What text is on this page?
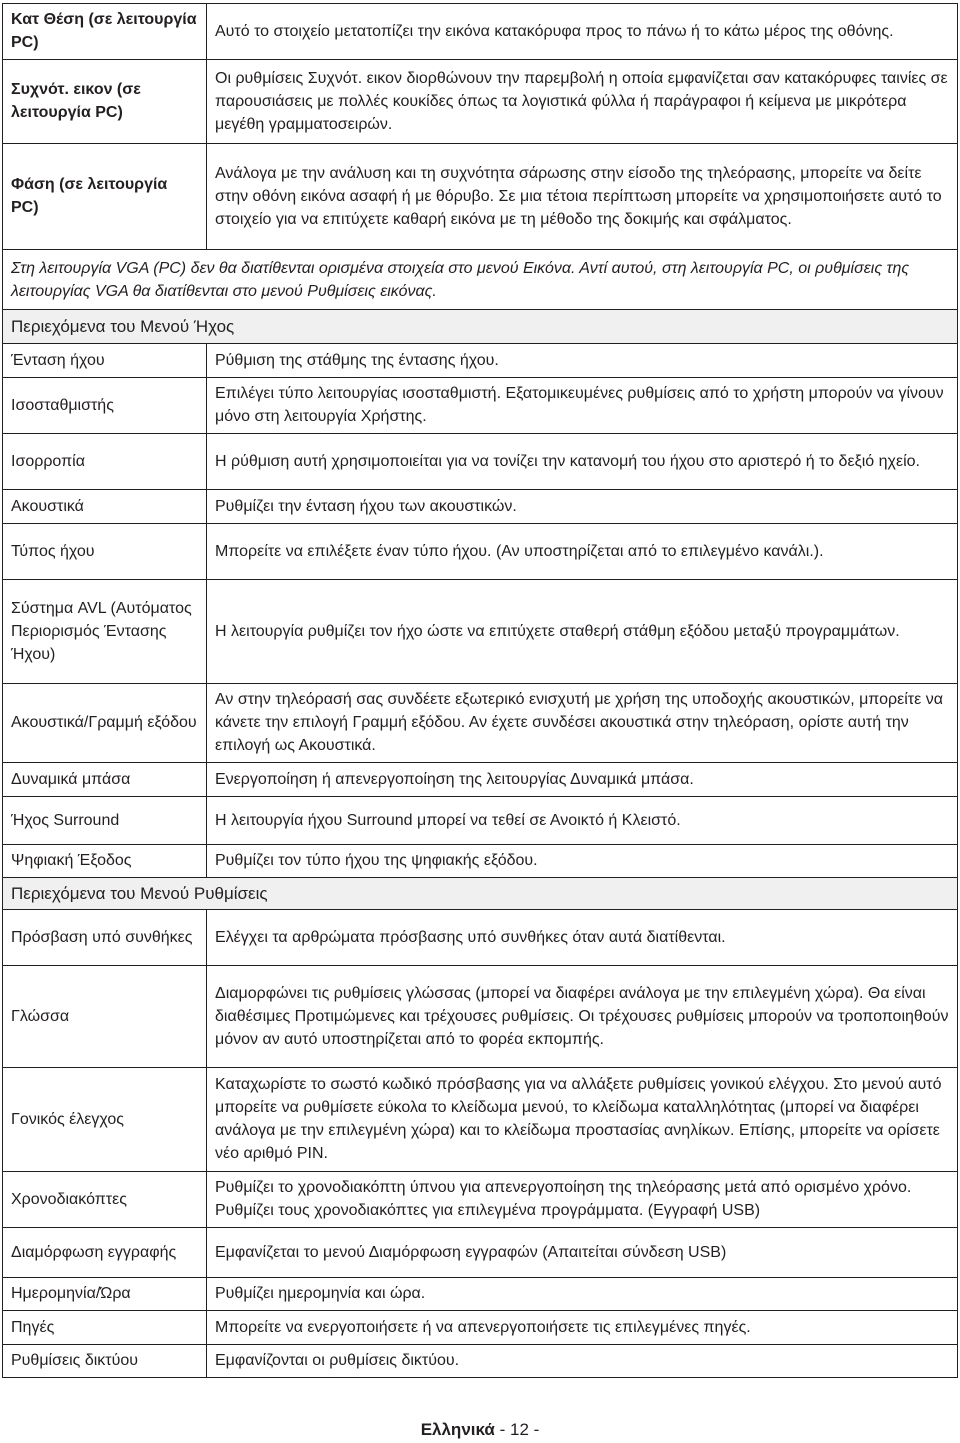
Κατ Θέση (σε λειτουργία PC)	Αυτό το στοιχείο μετατοπίζει την εικόνα κατακόρυφα προς το πάνω ή το κάτω μέρος της οθόνης.
Συχνότ. εικον (σε λειτουργία PC)	Οι ρυθμίσεις Συχνότ. εικον διορθώνουν την παρεμβολή η οποία εμφανίζεται σαν κατακόρυφες ταινίες σε παρουσιάσεις με πολλές κουκίδες όπως τα λογιστικά φύλλα ή παράγραφοι ή κείμενα με μικρότερα μεγέθη γραμματοσειρών.
Φάση (σε λειτουργία PC)	Ανάλογα με την ανάλυση και τη συχνότητα σάρωσης στην είσοδο της τηλεόρασης, μπορείτε να δείτε στην οθόνη εικόνα ασαφή ή με θόρυβο. Σε μια τέτοια περίπτωση μπορείτε να χρησιμοποιήσετε αυτό το στοιχείο για να επιτύχετε καθαρή εικόνα με τη μέθοδο της δοκιμής και σφάλματος.
Στη λειτουργία VGA (PC) δεν θα διατίθενται ορισμένα στοιχεία στο μενού Εικόνα. Αντί αυτού, στη λειτουργία PC, οι ρυθμίσεις της λειτουργίας VGA θα διατίθενται στο μενού Ρυθμίσεις εικόνας.	
Περιεχόμενα του Μενού Ήχος	
Ένταση ήχου	Ρύθμιση της στάθμης της έντασης ήχου.
Ισοσταθμιστής	Επιλέγει τύπο λειτουργίας ισοσταθμιστή. Εξατομικευμένες ρυθμίσεις από το χρήστη μπορούν να γίνουν μόνο στη λειτουργία Χρήστης.
Ισορροπία	Η ρύθμιση αυτή χρησιμοποιείται για να τονίζει την κατανομή του ήχου στο αριστερό ή το δεξιό ηχείο.
Ακουστικά	Ρυθμίζει την ένταση ήχου των ακουστικών.
Τύπος ήχου	Μπορείτε να επιλέξετε έναν τύπο ήχου. (Αν υποστηρίζεται από το επιλεγμένο κανάλι.).
Σύστημα AVL (Αυτόματος Περιορισμός Έντασης Ήχου)	Η λειτουργία ρυθμίζει τον ήχο ώστε να επιτύχετε σταθερή στάθμη εξόδου μεταξύ προγραμμάτων.
Ακουστικά/Γραμμή εξόδου	Αν στην τηλεόρασή σας συνδέετε εξωτερικό ενισχυτή με χρήση της υποδοχής ακουστικών, μπορείτε να κάνετε την επιλογή Γραμμή εξόδου. Αν έχετε συνδέσει ακουστικά στην τηλεόραση, ορίστε αυτή την επιλογή ως Ακουστικά.
Δυναμικά μπάσα	Ενεργοποίηση ή απενεργοποίηση της λειτουργίας Δυναμικά μπάσα.
Ήχος Surround	Η λειτουργία ήχου Surround μπορεί να τεθεί σε Ανοικτό ή Κλειστό.
Ψηφιακή Έξοδος	Ρυθμίζει τον τύπο ήχου της ψηφιακής εξόδου.
Περιεχόμενα του Μενού Ρυθμίσεις	
Πρόσβαση υπό συνθήκες	Ελέγχει τα αρθρώματα πρόσβασης υπό συνθήκες όταν αυτά διατίθενται.
Γλώσσα	Διαμορφώνει τις ρυθμίσεις γλώσσας (μπορεί να διαφέρει ανάλογα με την επιλεγμένη χώρα). Θα είναι διαθέσιμες Προτιμώμενες και τρέχουσες ρυθμίσεις. Οι τρέχουσες ρυθμίσεις μπορούν να τροποποιηθούν μόνον αν αυτό υποστηρίζεται από το φορέα εκπομπής.
Γονικός έλεγχος	Καταχωρίστε το σωστό κωδικό πρόσβασης για να αλλάξετε ρυθμίσεις γονικού ελέγχου. Στο μενού αυτό μπορείτε να ρυθμίσετε εύκολα το κλείδωμα μενού, το κλείδωμα καταλληλότητας (μπορεί να διαφέρει ανάλογα με την επιλεγμένη χώρα) και το κλείδωμα προστασίας ανηλίκων. Επίσης, μπορείτε να ορίσετε νέο αριθμό PIN.
Χρονοδιακόπτες	Ρυθμίζει το χρονοδιακόπτη ύπνου για απενεργοποίηση της τηλεόρασης μετά από ορισμένο χρόνο. Ρυθμίζει τους χρονοδιακόπτες για επιλεγμένα προγράμματα. (Εγγραφή USB)
Διαμόρφωση εγγραφής	Εμφανίζεται το μενού Διαμόρφωση εγγραφών (Απαιτείται σύνδεση USB)
Ημερομηνία/Ώρα	Ρυθμίζει ημερομηνία και ώρα.
Πηγές	Μπορείτε να ενεργοποιήσετε ή να απενεργοποιήσετε τις επιλεγμένες πηγές.
Ρυθμίσεις δικτύου	Εμφανίζονται οι ρυθμίσεις δικτύου.
Ελληνικά - 12 -
